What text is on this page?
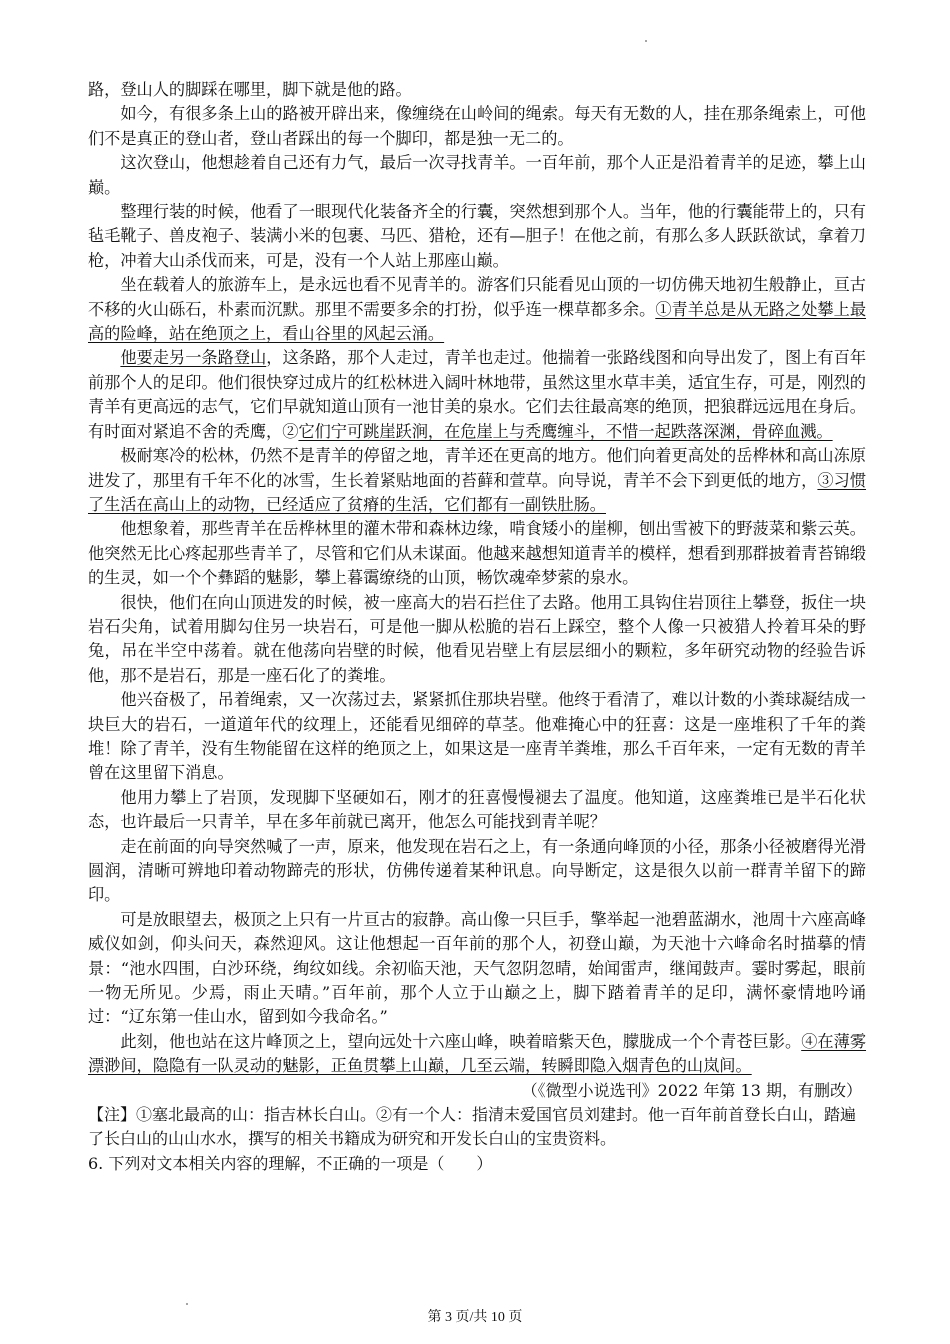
路，登山人的脚踩在哪里，脚下就是他的路。

如今，有很多条上山的路被开辟出来，像缠绕在山岭间的绳索。每天有无数的人，挂在那条绳索上，可他们不是真正的登山者，登山者踩出的每一个脚印，都是独一无二的。

这次登山，他想趁着自己还有力气，最后一次寻找青羊。一百年前，那个人正是沿着青羊的足迹，攀上山巅。

整理行装的时候，他看了一眼现代化装备齐全的行囊，突然想到那个人。当年，他的行囊能带上的，只有毡毛靴子、兽皮袍子、装满小米的包裹、马匹、猎枪，还有—胆子！在他之前，有那么多人跃跃欲试，拿着刀枪，冲着大山杀伐而来，可是，没有一个人站上那座山巅。

坐在载着人的旅游车上，是永远也看不见青羊的。游客们只能看见山顶的一切仿佛天地初生般静止，亘古不移的火山砾石，朴素而沉默。那里不需要多余的打扮，似乎连一棵草都多余。①青羊总是从无路之处攀上最高的险峰，站在绝顶之上，看山谷里的风起云涌。

他要走另一条路登山，这条路，那个人走过，青羊也走过。他揣着一张路线图和向导出发了，图上有百年前那个人的足印。他们很快穿过成片的红松林进入阔叶林地带，虽然这里水草丰美，适宜生存，可是，刚烈的青羊有更高远的志气，它们早就知道山顶有一池甘美的泉水。它们去往最高寒的绝顶，把狼群远远甩在身后。有时面对紧追不舍的秃鹰，②它们宁可跳崖跃涧，在危崖上与秃鹰缠斗，不惜一起跌落深渊，骨碎血溅。

极耐寒冷的松林，仍然不是青羊的停留之地，青羊还在更高的地方。他们向着更高处的岳桦林和高山冻原进发了，那里有千年不化的冰雪，生长着紧贴地面的苔藓和萱草。向导说，青羊不会下到更低的地方，③习惯了生活在高山上的动物，已经适应了贫瘠的生活，它们都有一副铁肚肠。

他想象着，那些青羊在岳桦林里的灌木带和森林边缘，啃食矮小的崖柳，刨出雪被下的野菠菜和紫云英。他突然无比心疼起那些青羊了，尽管和它们从未谋面。他越来越想知道青羊的模样，想看到那群披着青苔锦缎的生灵，如一个个彝蹈的魅影，攀上暮霭缭绕的山顶，畅饮魂牵梦萦的泉水。

很快，他们在向山顶进发的时候，被一座高大的岩石拦住了去路。他用工具钩住岩顶往上攀登，扳住一块岩石尖角，试着用脚勾住另一块岩石，可是他一脚从松脆的岩石上踩空，整个人像一只被猎人拎着耳朵的野兔，吊在半空中荡着。就在他荡向岩壁的时候，他看见岩壁上有层层细小的颗粒，多年研究动物的经验告诉他，那不是岩石，那是一座石化了的粪堆。

他兴奋极了，吊着绳索，又一次荡过去，紧紧抓住那块岩壁。他终于看清了，难以计数的小粪球凝结成一块巨大的岩石，一道道年代的纹理上，还能看见细碎的草茎。他难掩心中的狂喜：这是一座堆积了千年的粪堆！除了青羊，没有生物能留在这样的绝顶之上，如果这是一座青羊粪堆，那么千百年来，一定有无数的青羊曾在这里留下消息。

他用力攀上了岩顶，发现脚下坚硬如石，刚才的狂喜慢慢褪去了温度。他知道，这座粪堆已是半石化状态，也许最后一只青羊，早在多年前就已离开，他怎么可能找到青羊呢？

走在前面的向导突然喊了一声，原来，他发现在岩石之上，有一条通向峰顶的小径，那条小径被磨得光滑圆润，清晰可辨地印着动物蹄壳的形状，仿佛传递着某种讯息。向导断定，这是很久以前一群青羊留下的蹄印。

可是放眼望去，极顶之上只有一片亘古的寂静。高山像一只巨手，擎举起一池碧蓝湖水，池周十六座高峰威仪如剑，仰头问天，森然迎风。这让他想起一百年前的那个人，初登山巅，为天池十六峰命名时描摹的情景：“池水四围，白沙环绕，绚纹如线。余初临天池，天气忽阴忽晴，始闻雷声，继闻鼓声。霎时雾起，眼前一物无所见。少焉，雨止天晴。”百年前，那个人立于山巅之上，脚下踏着青羊的足印，满怀豪情地吟诵过：“辽东第一佳山水，留到如今我命名。”

此刻，他也站在这片峰顶之上，望向远处十六座山峰，映着暗紫天色，朦胧成一个个青苍巨影。④在薄雾漂渺间，隐隐有一队灵动的魅影，正鱼贯攀上山巅，几至云端，转瞬即隐入烟青色的山岚间。

（《微型小说选刊》2022 年第 13 期，有删改）

【注】①塞北最高的山：指吉林长白山。②有一个人：指清末爱国官员刘建封。他一百年前首登长白山，踏遍了长白山的山山水水，撰写的相关书籍成为研究和开发长白山的宝贵资料。

6. 下列对文本相关内容的理解，不正确的一项是（　　）

第 3 页/共 10 页
